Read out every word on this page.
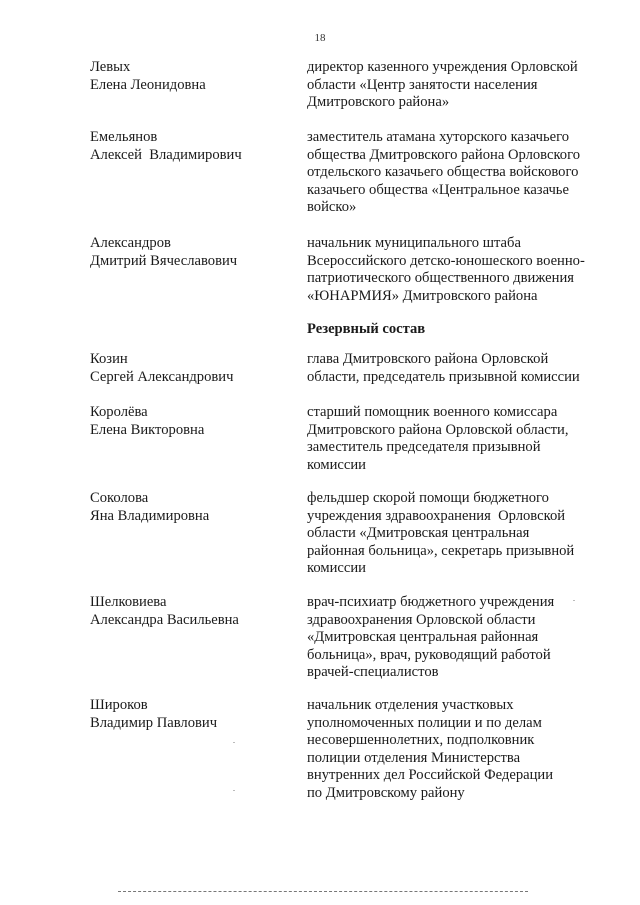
18
Левых
Елена Леонидовна
директор казенного учреждения Орловской
области «Центр занятости населения
Дмитровского района»
Емельянов
Алексей  Владимирович
заместитель атамана хуторского казачьего
общества Дмитровского района Орловского
отдельского казачьего общества войскового
казачьего общества «Центральное казачье
войско»
Александров
Дмитрий Вячеславович
начальник муниципального штаба
Всероссийского детско-юношеского военно-
патриотического общественного движения
«ЮНАРМИЯ» Дмитровского района
Резервный состав
Козин
Сергей Александрович
глава Дмитровского района Орловской
области, председатель призывной комиссии
Королёва
Елена Викторовна
старший помощник военного комиссара
Дмитровского района Орловской области,
заместитель председателя призывной
комиссии
Соколова
Яна Владимировна
фельдшер скорой помощи бюджетного
учреждения здравоохранения  Орловской
области «Дмитровская центральная
районная больница», секретарь призывной
комиссии
Шелковиева
Александра Васильевна
врач-психиатр бюджетного учреждения
здравоохранения Орловской области
«Дмитровская центральная районная
больница», врач, руководящий работой
врачей-специалистов
Широков
Владимир Павлович
начальник отделения участковых
уполномоченных полиции и по делам
несовершеннолетних, подполковник
полиции отделения Министерства
внутренних дел Российской Федерации
по Дмитровскому району
